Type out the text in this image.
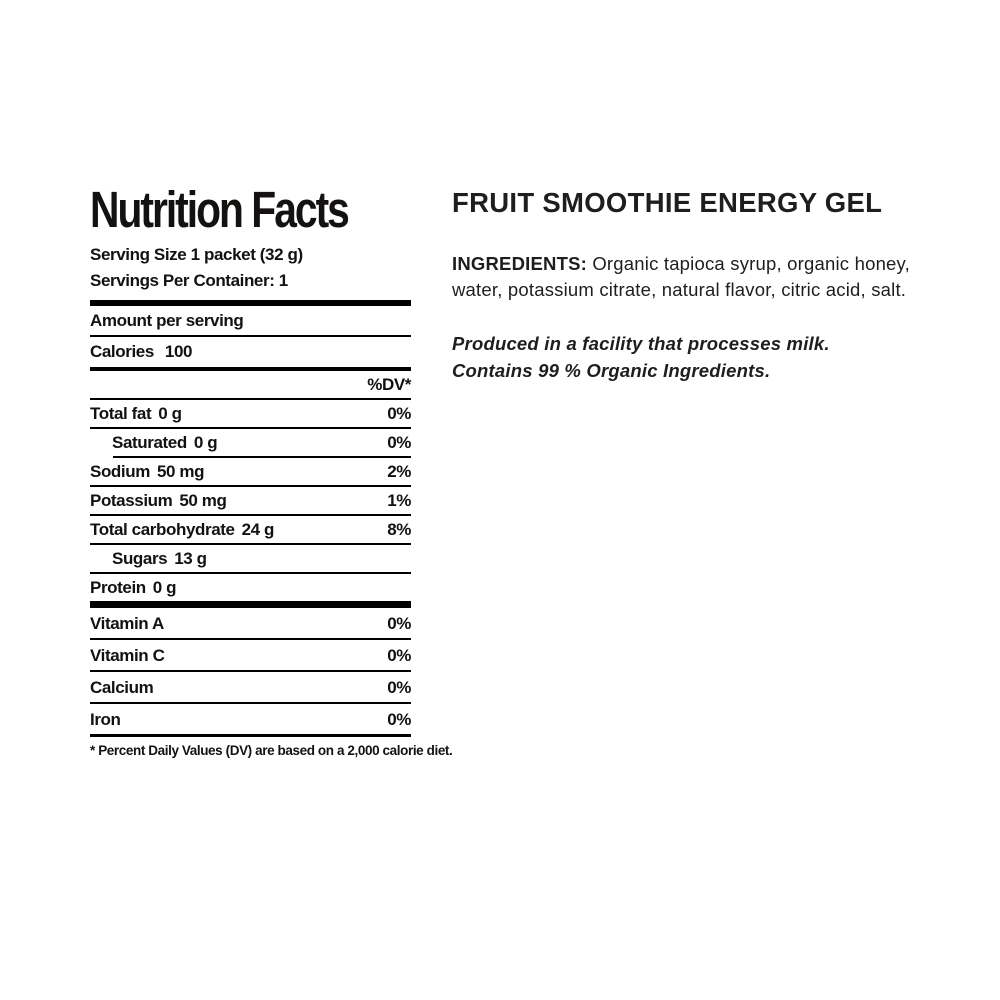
Nutrition Facts
Serving Size 1 packet (32 g)
Servings Per Container: 1
Amount per serving
Calories 100
%DV*
Total fat 0 g	0%
Saturated 0 g	0%
Sodium 50 mg	2%
Potassium 50 mg	1%
Total carbohydrate 24 g	8%
Sugars 13 g
Protein 0 g
Vitamin A	0%
Vitamin C	0%
Calcium	0%
Iron	0%
* Percent Daily Values (DV) are based on a 2,000 calorie diet.
FRUIT SMOOTHIE ENERGY GEL

INGREDIENTS: Organic tapioca syrup, organic honey, water, potassium citrate, natural flavor, citric acid, salt.

Produced in a facility that processes milk.
Contains 99 % Organic Ingredients.
